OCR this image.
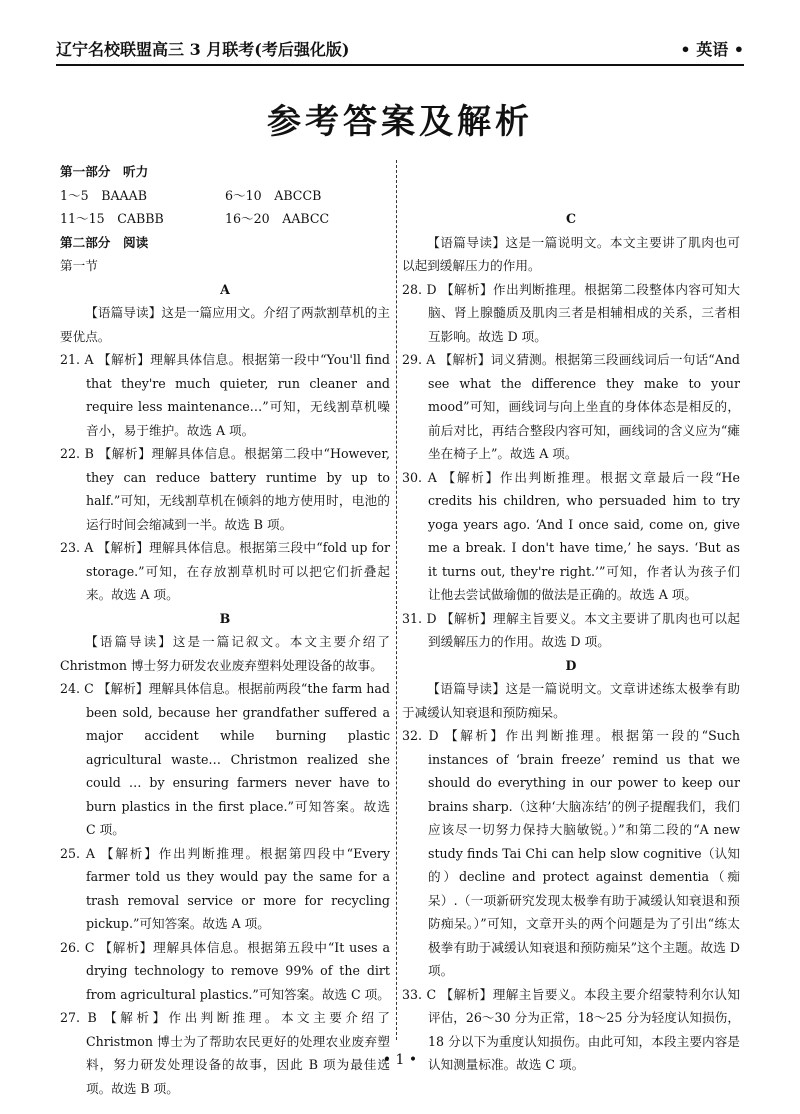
辽宁名校联盟高三 3 月联考(考后强化版)	• 英语 •
参考答案及解析

第一部分　听力

1～5　BAAAB	6～10　ABCCB
11～15　CABBB	16～20　AABCC

第二部分　阅读

第一节

A

【语篇导读】这是一篇应用文。介绍了两款割草机的主要优点。

21. A 【解析】理解具体信息。根据第一段中“You'll find that they're much quieter, run cleaner and require less maintenance…”可知，无线割草机噪音小，易于维护。故选 A 项。

22. B 【解析】理解具体信息。根据第二段中“However, they can reduce battery runtime by up to half.”可知，无线割草机在倾斜的地方使用时，电池的运行时间会缩减到一半。故选 B 项。

23. A 【解析】理解具体信息。根据第三段中“fold up for storage.”可知，在存放割草机时可以把它们折叠起来。故选 A 项。

B

【语篇导读】这是一篇记叙文。本文主要介绍了 Christmon 博士努力研发农业废弃塑料处理设备的故事。

24. C 【解析】理解具体信息。根据前两段“the farm had been sold, because her grandfather suffered a major accident while burning plastic agricultural waste… Christmon realized she could … by ensuring farmers never have to burn plastics in the first place.”可知答案。故选 C 项。

25. A 【解析】作出判断推理。根据第四段中“Every farmer told us they would pay the same for a trash removal service or more for recycling pickup.”可知答案。故选 A 项。

26. C 【解析】理解具体信息。根据第五段中“It uses a drying technology to remove 99% of the dirt from agricultural plastics.”可知答案。故选 C 项。

27. B 【解析】作出判断推理。本文主要介绍了 Christmon 博士为了帮助农民更好的处理农业废弃塑料，努力研发处理设备的故事，因此 B 项为最佳选项。故选 B 项。

C

【语篇导读】这是一篇说明文。本文主要讲了肌肉也可以起到缓解压力的作用。

28. D 【解析】作出判断推理。根据第二段整体内容可知大脑、肾上腺髓质及肌肉三者是相辅相成的关系，三者相互影响。故选 D 项。

29. A 【解析】词义猜测。根据第三段画线词后一句话“And see what the difference they make to your mood”可知，画线词与向上坐直的身体体态是相反的，前后对比，再结合整段内容可知，画线词的含义应为“瘫坐在椅子上”。故选 A 项。

30. A 【解析】作出判断推理。根据文章最后一段“He credits his children, who persuaded him to try yoga years ago. ‘And I once said, come on, give me a break. I don't have time,’ he says. ‘But as it turns out, they're right.’”可知，作者认为孩子们让他去尝试做瑜伽的做法是正确的。故选 A 项。

31. D 【解析】理解主旨要义。本文主要讲了肌肉也可以起到缓解压力的作用。故选 D 项。

D

【语篇导读】这是一篇说明文。文章讲述练太极拳有助于减缓认知衰退和预防痴呆。

32. D 【解析】作出判断推理。根据第一段的“Such instances of ‘brain freeze’ remind us that we should do everything in our power to keep our brains sharp.（这种‘大脑冻结’的例子提醒我们，我们应该尽一切努力保持大脑敏锐。）”和第二段的“A new study finds Tai Chi can help slow cognitive（认知的）decline and protect against dementia（痴呆）.（一项新研究发现太极拳有助于减缓认知衰退和预防痴呆。）”可知，文章开头的两个问题是为了引出“练太极拳有助于减缓认知衰退和预防痴呆”这个主题。故选 D 项。

33. C 【解析】理解主旨要义。本段主要介绍蒙特利尔认知评估，26～30 分为正常，18～25 分为轻度认知损伤，18 分以下为重度认知损伤。由此可知，本段主要内容是认知测量标准。故选 C 项。

• 1 •
